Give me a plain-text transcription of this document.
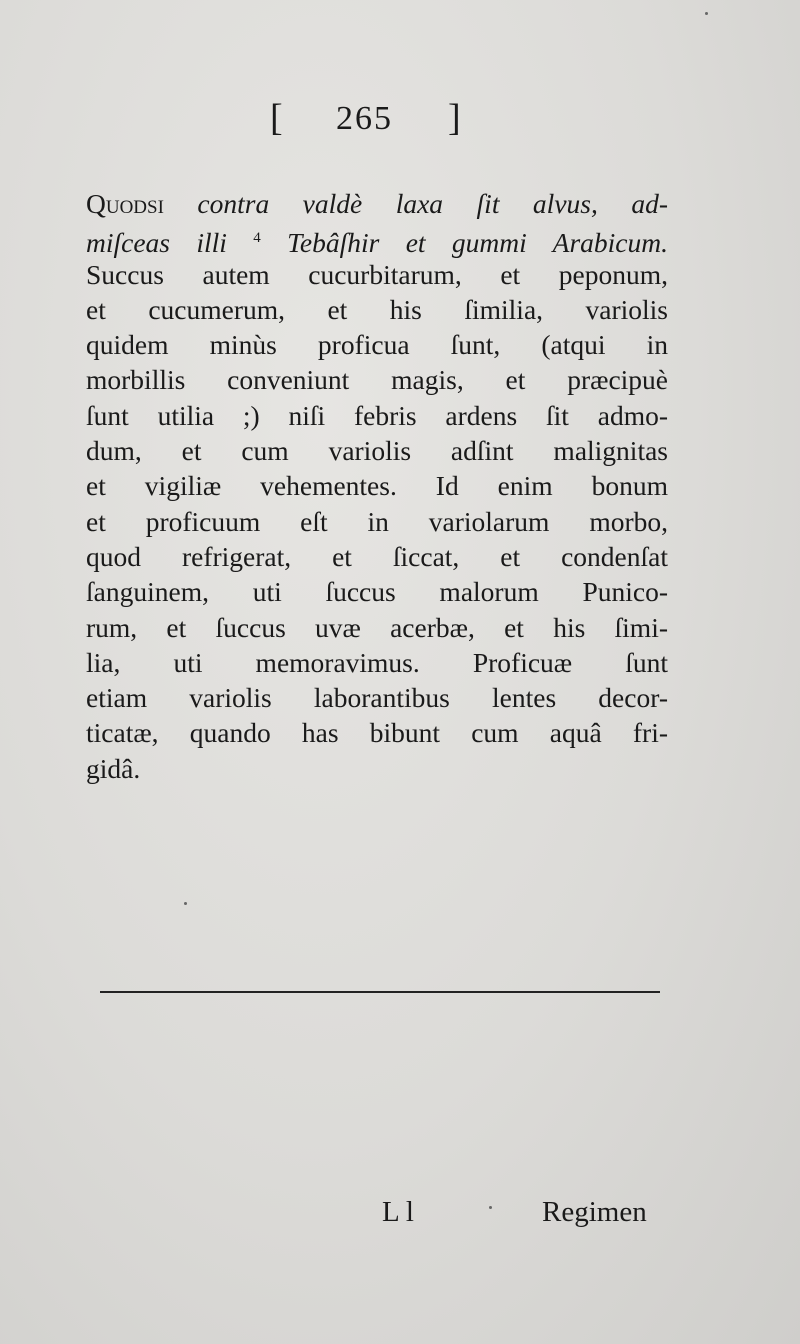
[ 265 ]
Quodsi contra valdè laxa ſit alvus, ad-
miſceas illi $^4$ Tebâſhir et gummi Arabicum.
Succus autem cucurbitarum, et peponum,
et cucumerum, et his ſimilia, variolis
quidem minùs proficua ſunt, (atqui in
morbillis conveniunt magis, et præcipuè
ſunt utilia ;) niſi febris ardens ſit admo-
dum, et cum variolis adſint malignitas
et vigiliæ vehementes. Id enim bonum
et proficuum eſt in variolarum morbo,
quod refrigerat, et ſiccat, et condenſat
ſanguinem, uti ſuccus malorum Punico-
rum, et ſuccus uvæ acerbæ, et his ſimi-
lia, uti memoravimus. Proficuæ ſunt
etiam variolis laborantibus lentes decor-
ticatæ, quando has bibunt cum aquâ fri-
gidâ.
L l	Regimen
